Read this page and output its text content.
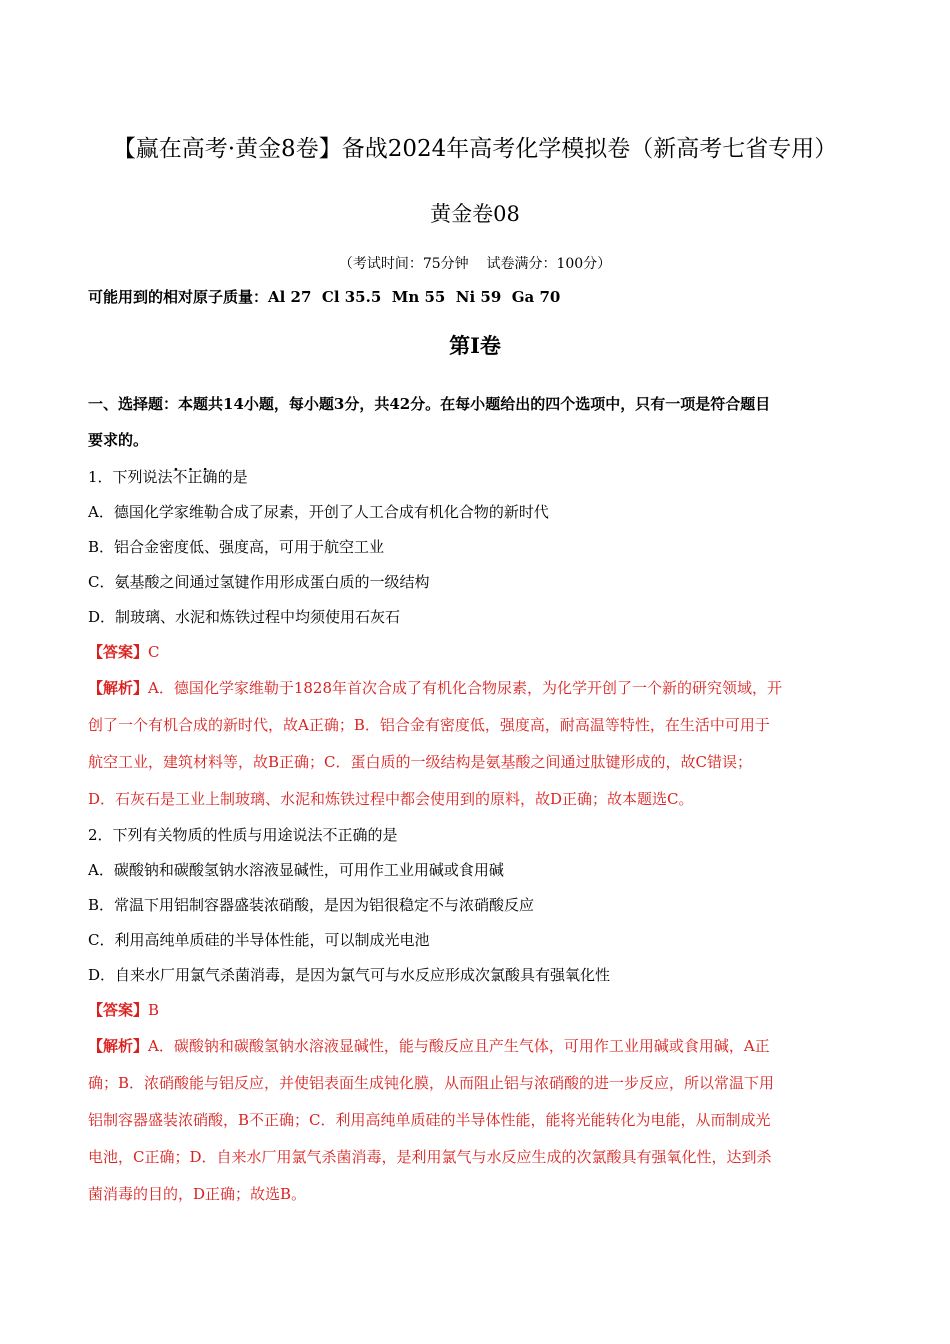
【赢在高考·黄金8卷】备战2024年高考化学模拟卷（新高考七省专用）
黄金卷08
（考试时间：75分钟    试卷满分：100分）
可能用到的相对原子质量：Al 27  Cl 35.5  Mn 55  Ni 59  Ga 70
第Ⅰ卷
一、选择题：本题共14小题，每小题3分，共42分。在每小题给出的四个选项中，只有一项是符合题目
要求的。
1．下列说法· · · 不正确的是
A．德国化学家维勒合成了尿素，开创了人工合成有机化合物的新时代
B．铝合金密度低、强度高，可用于航空工业
C．氨基酸之间通过氢键作用形成蛋白质的一级结构
D．制玻璃、水泥和炼铁过程中均须使用石灰石
【答案】C
【解析】A．德国化学家维勒于1828年首次合成了有机化合物尿素，为化学开创了一个新的研究领域，开
创了一个有机合成的新时代，故A正确；B．铝合金有密度低，强度高，耐高温等特性，在生活中可用于
航空工业，建筑材料等，故B正确；C．蛋白质的一级结构是氨基酸之间通过肽键形成的，故C错误；
D．石灰石是工业上制玻璃、水泥和炼铁过程中都会使用到的原料，故D正确；故本题选C。
2．下列有关物质的性质与用途说法不正确的是
A．碳酸钠和碳酸氢钠水溶液显碱性，可用作工业用碱或食用碱
B．常温下用铝制容器盛装浓硝酸，是因为铝很稳定不与浓硝酸反应
C．利用高纯单质硅的半导体性能，可以制成光电池
D．自来水厂用氯气杀菌消毒，是因为氯气可与水反应形成次氯酸具有强氧化性
【答案】B
【解析】A．碳酸钠和碳酸氢钠水溶液显碱性，能与酸反应且产生气体，可用作工业用碱或食用碱，A正
确；B．浓硝酸能与铝反应，并使铝表面生成钝化膜，从而阻止铝与浓硝酸的进一步反应，所以常温下用
铝制容器盛装浓硝酸，B不正确；C．利用高纯单质硅的半导体性能，能将光能转化为电能，从而制成光
电池，C正确；D．自来水厂用氯气杀菌消毒，是利用氯气与水反应生成的次氯酸具有强氧化性，达到杀
菌消毒的目的，D正确；故选B。
